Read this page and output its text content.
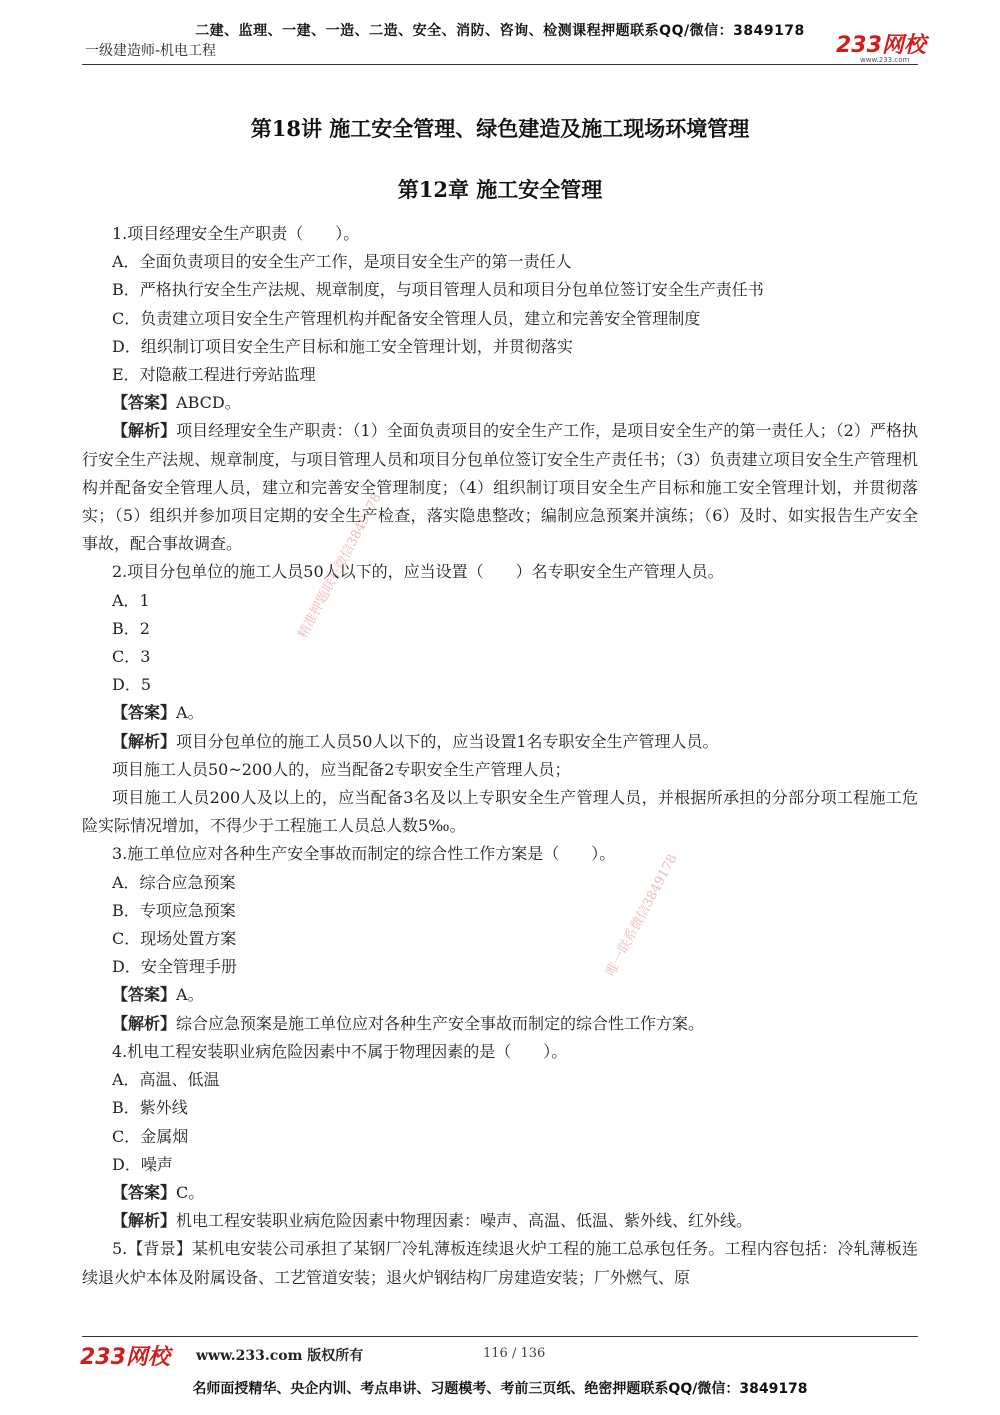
二建、监理、一建、一造、二造、安全、消防、咨询、检测课程押题联系QQ/微信：3849178
一级建造师-机电工程	233网校
www.233.com
第18讲 施工安全管理、绿色建造及施工现场环境管理
第12章 施工安全管理
精准押题联系微信3849178
唯一联系微信3849178

1.项目经理安全生产职责（　　）。

A．全面负责项目的安全生产工作，是项目安全生产的第一责任人

B．严格执行安全生产法规、规章制度，与项目管理人员和项目分包单位签订安全生产责任书

C．负责建立项目安全生产管理机构并配备安全管理人员，建立和完善安全管理制度

D．组织制订项目安全生产目标和施工安全管理计划，并贯彻落实

E．对隐蔽工程进行旁站监理

【答案】ABCD。

【解析】项目经理安全生产职责：（1）全面负责项目的安全生产工作，是项目安全生产的第一责任人；（2）严格执行安全生产法规、规章制度，与项目管理人员和项目分包单位签订安全生产责任书；（3）负责建立项目安全生产管理机构并配备安全管理人员，建立和完善安全管理制度；（4）组织制订项目安全生产目标和施工安全管理计划，并贯彻落实；（5）组织并参加项目定期的安全生产检查，落实隐患整改；编制应急预案并演练；（6）及时、如实报告生产安全事故，配合事故调查。

2.项目分包单位的施工人员50人以下的，应当设置（　　）名专职安全生产管理人员。

A．1

B．2

C．3

D．5

【答案】A。

【解析】项目分包单位的施工人员50人以下的，应当设置1名专职安全生产管理人员。

项目施工人员50~200人的，应当配备2专职安全生产管理人员；

项目施工人员200人及以上的，应当配备3名及以上专职安全生产管理人员，并根据所承担的分部分项工程施工危险实际情况增加，不得少于工程施工人员总人数5‰。

3.施工单位应对各种生产安全事故而制定的综合性工作方案是（　　）。

A．综合应急预案

B．专项应急预案

C．现场处置方案

D．安全管理手册

【答案】A。

【解析】综合应急预案是施工单位应对各种生产安全事故而制定的综合性工作方案。

4.机电工程安装职业病危险因素中不属于物理因素的是（　　）。

A．高温、低温

B．紫外线

C．金属烟

D．噪声

【答案】C。

【解析】机电工程安装职业病危险因素中物理因素：噪声、高温、低温、紫外线、红外线。

5.【背景】某机电安装公司承担了某钢厂冷轧薄板连续退火炉工程的施工总承包任务。工程内容包括：冷轧薄板连续退火炉本体及附属设备、工艺管道安装；退火炉钢结构厂房建造安装；厂外燃气、原

233网校 www.233.com 版权所有	116 / 136
名师面授精华、央企内训、考点串讲、习题模考、考前三页纸、绝密押题联系QQ/微信：3849178
